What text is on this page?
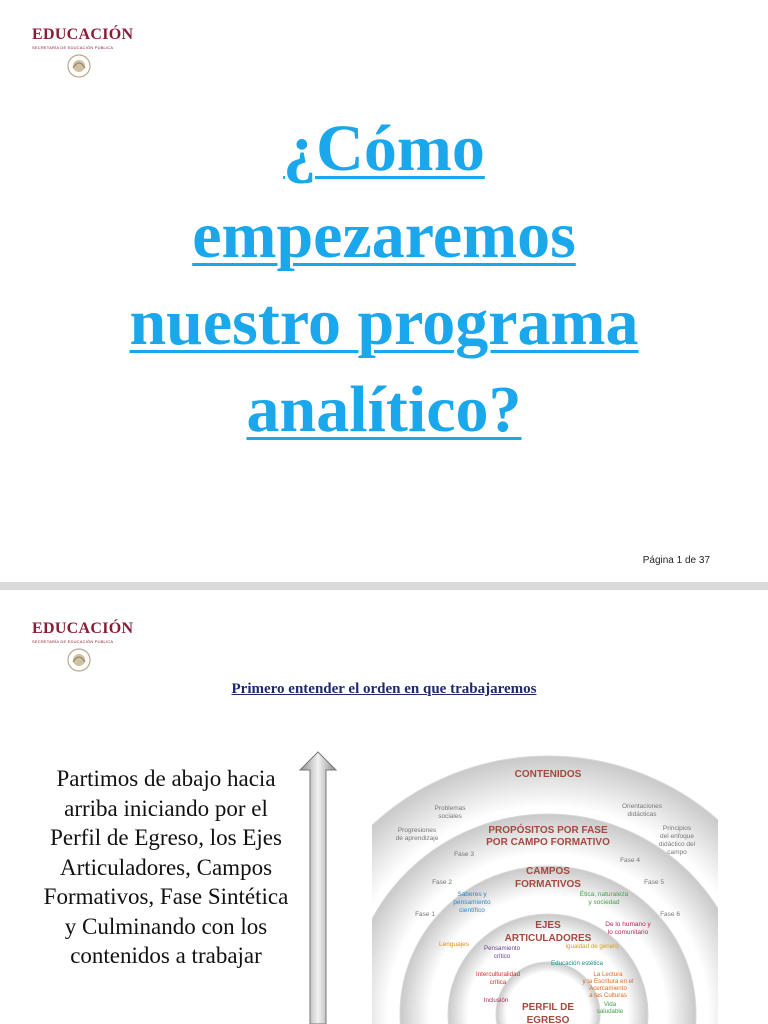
EDUCACIÓN
SECRETARÍA DE EDUCACIÓN PÚBLICA
¿Cómo
empezaremos
nuestro programa
analítico?
Página 1 de 37
EDUCACIÓN
SECRETARÍA DE EDUCACIÓN PÚBLICA
Primero entender el orden en que trabajaremos

Partimos de abajo hacia arriba iniciando por el Perfil de Egreso, los Ejes Articuladores, Campos Formativos, Fase Sintética y Culminando con los contenidos a trabajar

CONTENIDOS
PROPÓSITOS POR FASE
POR CAMPO FORMATIVO
CAMPOS
FORMATIVOS
EJES
ARTICULADORES
PERFIL DE
EGRESO
Problemas
sociales
Progresiones
de aprendizaje
Orientaciones
didácticas
Principios
del enfoque
didáctico del
campo
Fase 3
Fase 4
Fase 2	Fase 5
Fase 1	Fase 6
Saberes y
pensamiento
científico
Ética, naturaleza
y sociedad
De lo humano y
lo comunitario
Lenguajes
Pensamiento
crítico
Igualdad de género
Educación estética
Interculturalidad
crítica
La Lectura
y la Escritura en el
Acercamiento
a las Culturas
Inclusión
Vida
saludable
